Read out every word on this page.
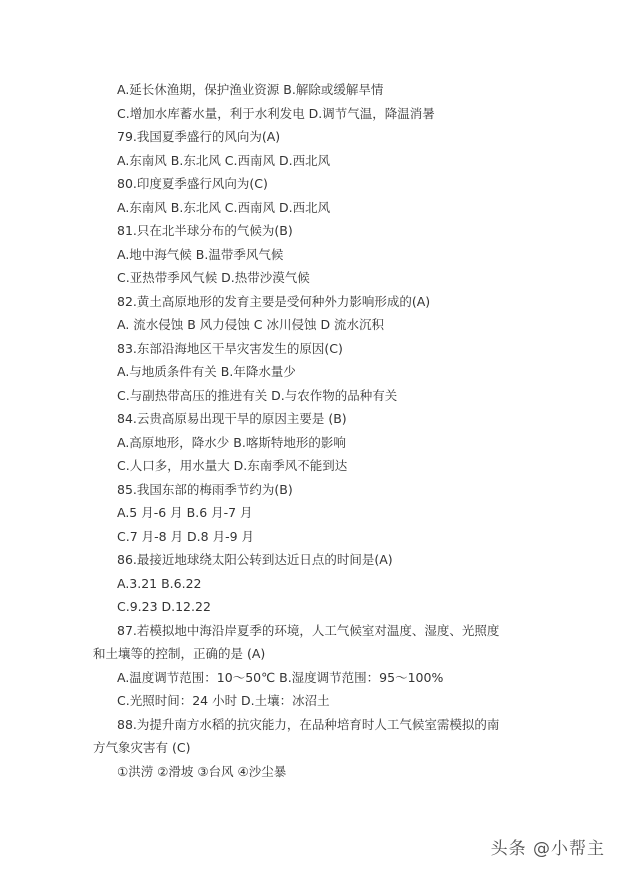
A.延长休渔期，保护渔业资源 B.解除或缓解旱情
C.增加水库蓄水量，利于水利发电 D.调节气温，降温消暑
79.我国夏季盛行的风向为(A)
A.东南风 B.东北风 C.西南风 D.西北风
80.印度夏季盛行风向为(C)
A.东南风 B.东北风 C.西南风 D.西北风
81.只在北半球分布的气候为(B)
A.地中海气候 B.温带季风气候
C.亚热带季风气候 D.热带沙漠气候
82.黄土高原地形的发育主要是受何种外力影响形成的(A)
A. 流水侵蚀 B 风力侵蚀 C 冰川侵蚀 D 流水沉积
83.东部沿海地区干旱灾害发生的原因(C)
A.与地质条件有关 B.年降水量少
C.与副热带高压的推进有关 D.与农作物的品种有关
84.云贵高原易出现干旱的原因主要是 (B)
A.高原地形，降水少 B.喀斯特地形的影响
C.人口多，用水量大 D.东南季风不能到达
85.我国东部的梅雨季节约为(B)
A.5 月-6 月 B.6 月-7 月
C.7 月-8 月 D.8 月-9 月
86.最接近地球绕太阳公转到达近日点的时间是(A)
A.3.21 B.6.22
C.9.23 D.12.22
87.若模拟地中海沿岸夏季的环境，人工气候室对温度、湿度、光照度
和土壤等的控制，正确的是 (A)
A.温度调节范围：10～50℃ B.湿度调节范围：95～100%
C.光照时间：24 小时 D.土壤：冰沼土
88.为提升南方水稻的抗灾能力，在品种培育时人工气候室需模拟的南
方气象灾害有 (C)
①洪涝 ②滑坡 ③台风 ④沙尘暴
头条 @小帮主
